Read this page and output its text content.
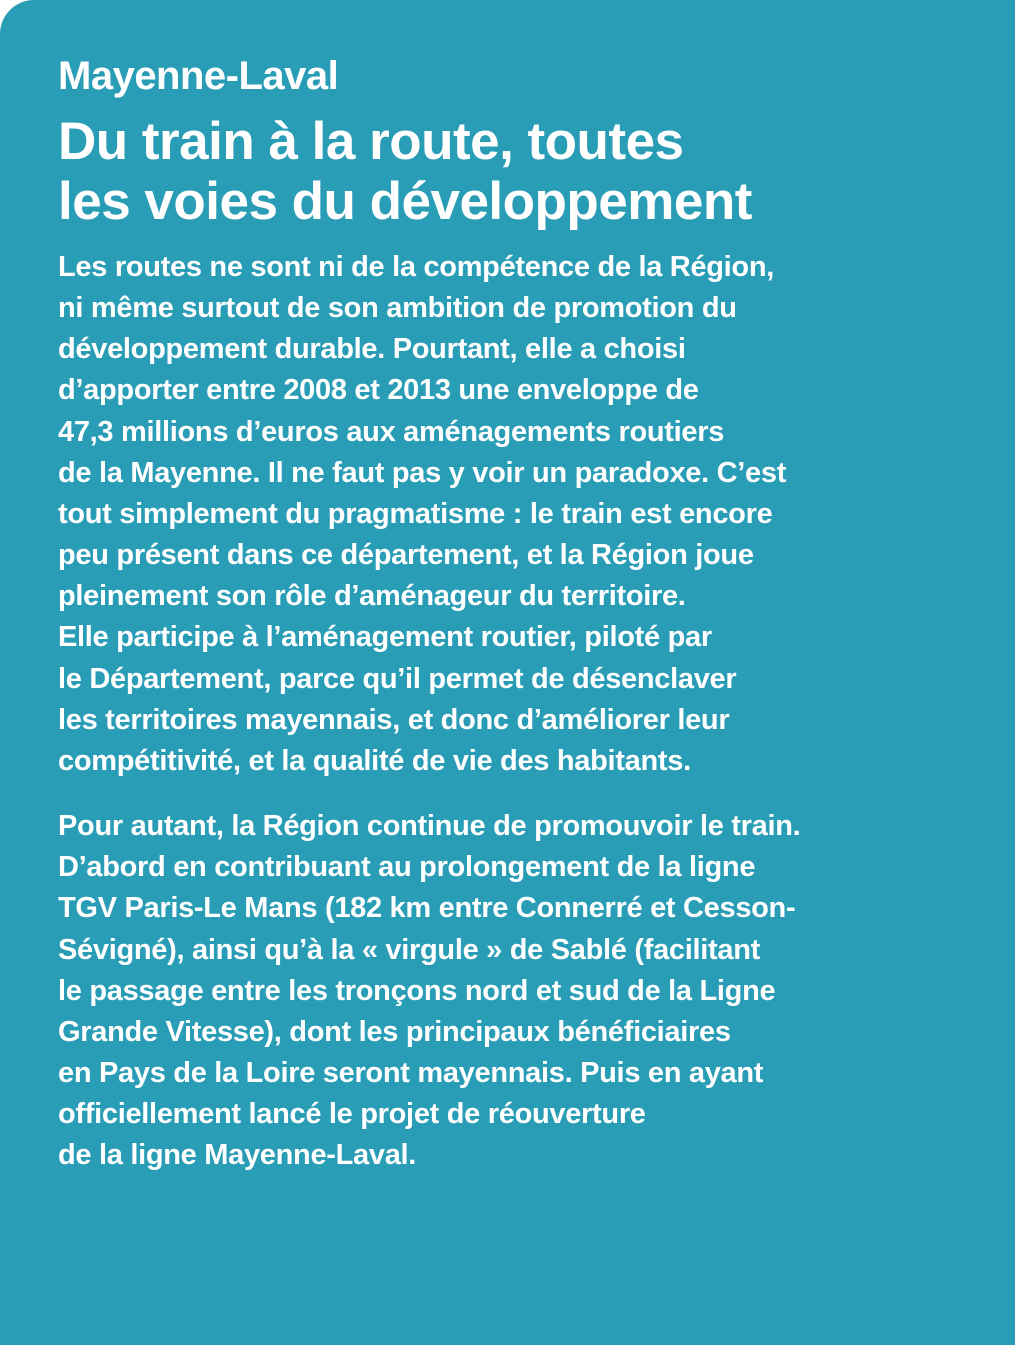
Mayenne-Laval
Du train à la route, toutes
les voies du développement

Les routes ne sont ni de la compétence de la Région,
ni même surtout de son ambition de promotion du
développement durable. Pourtant, elle a choisi
d’apporter entre 2008 et 2013 une enveloppe de
47,3 millions d’euros aux aménagements routiers
de la Mayenne. Il ne faut pas y voir un paradoxe. C’est
tout simplement du pragmatisme : le train est encore
peu présent dans ce département, et la Région joue
pleinement son rôle d’aménageur du territoire.
Elle participe à l’aménagement routier, piloté par
le Département, parce qu’il permet de désenclaver
les territoires mayennais, et donc d’améliorer leur
compétitivité, et la qualité de vie des habitants.

Pour autant, la Région continue de promouvoir le train.
D’abord en contribuant au prolongement de la ligne
TGV Paris-Le Mans (182 km entre Connerré et Cesson-
Sévigné), ainsi qu’à la « virgule » de Sablé (facilitant
le passage entre les tronçons nord et sud de la Ligne
Grande Vitesse), dont les principaux bénéficiaires
en Pays de la Loire seront mayennais. Puis en ayant
officiellement lancé le projet de réouverture
de la ligne Mayenne-Laval.
